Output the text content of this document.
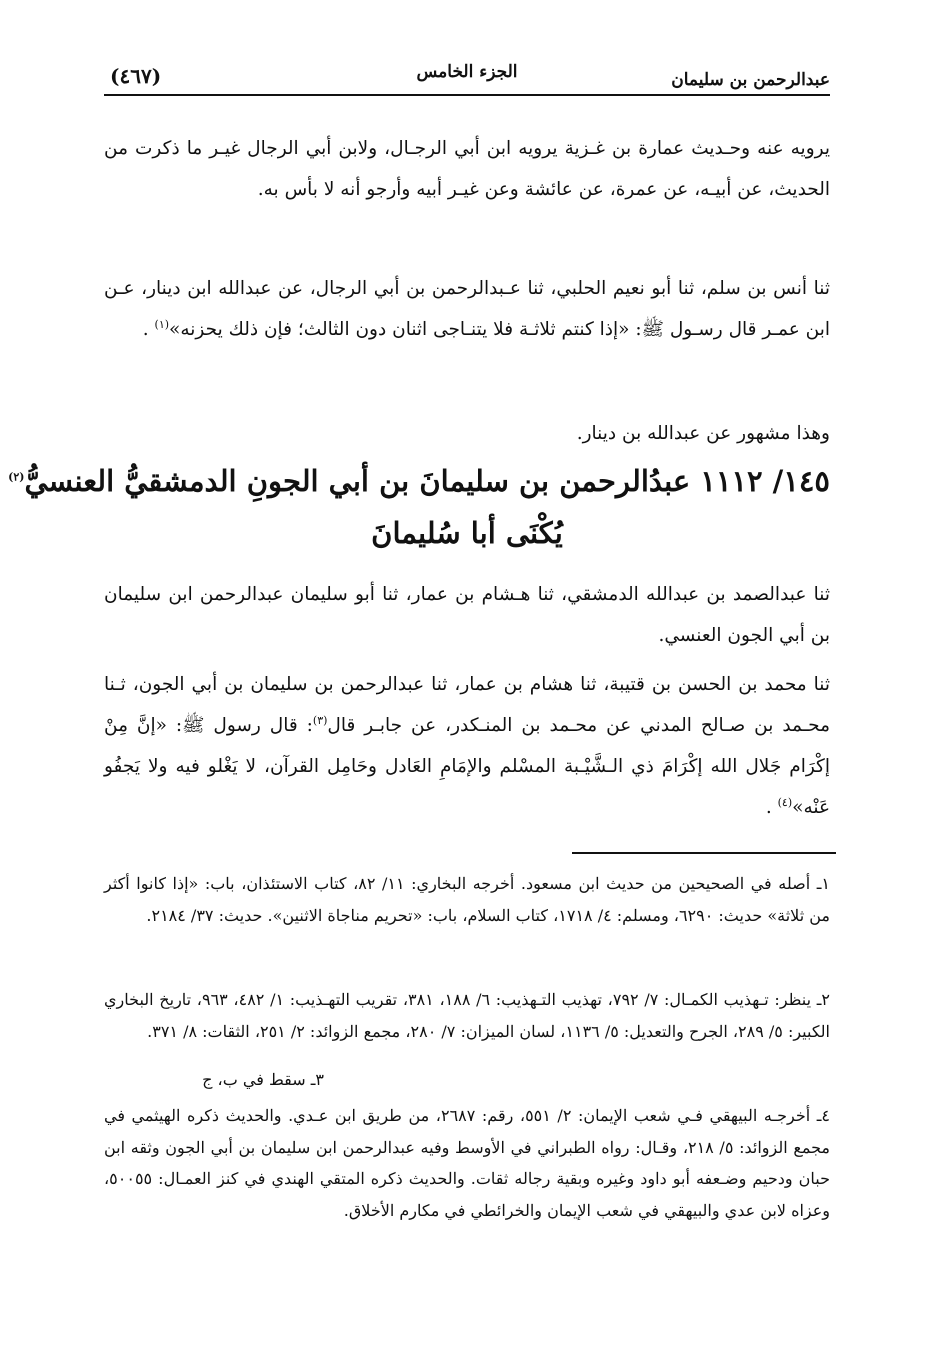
عبدالرحمن بن سليمان
الجزء الخامس
(٤٦٧)
يرويه عنه وحـديث عمارة بن غـزية يرويه ابن أبي الرجـال، ولابن أبي الرجال غيـر ما ذكرت من الحديث، عن أبيـه، عن عمرة، عن عائشة وعن غيـر أبيه وأرجو أنه لا بأس به.
ثنا أنس بن سلم، ثنا أبو نعيم الحلبي، ثنا عـبدالرحمن بن أبي الرجال، عن عبدالله ابن دينار، عـن ابن عمـر قال رسـول ﷺ: «إذا كنتم ثلاثـة فلا يتنـاجى اثنان دون الثالث؛ فإن ذلك يحزنه»$^{(١)}$ .
وهذا مشهور عن عبدالله بن دينار.
١٤٥/ ١١١٢ عبدُالرحمن بن سليمانَ بن أبي الجونِ الدمشقيُّ العنسيُّ$^{(٢)}$
يُكْنَى أبا سُليمانَ
ثنا عبدالصمد بن عبدالله الدمشقي، ثنا هـشام بن عمار، ثنا أبو سليمان عبدالرحمن ابن سليمان بن أبي الجون العنسي.
ثنا محمد بن الحسن بن قتيبة، ثنا هشام بن عمار، ثنا عبدالرحمن بن سليمان بن أبي الجون، ثـنا محـمد بن صـالح المدني عن محـمد بن المنـكدر، عن جابـر قال$^{(٣)}$: قال رسول ﷺ: «إنَّ مِنْ إكْرَام جَلال الله إكْرَامَ ذي الـشَّيْـبة المسْلم والإمَامِ العَادل وحَامِل القرآن، لا يَغْلو فيه ولا يَجفُو عَنْه»$^{(٤)}$ .
١ـ أصله في الصحيحين من حديث ابن مسعود. أخرجه البخاري: ١١/ ٨٢، كتاب الاستئذان، باب: «إذا كانوا أكثر من ثلاثة» حديث: ٦٢٩٠، ومسلم: ٤/ ١٧١٨، كتاب السلام، باب: «تحريم مناجاة الاثنين». حديث: ٣٧/ ٢١٨٤.
٢ـ ينظر: تـهذيب الكمـال: ٧/ ٧٩٢، تهذيب التـهذيب: ٦/ ١٨٨، ٣٨١، تقريب التهـذيب: ١/ ٤٨٢، ٩٦٣، تاريخ البخاري الكبير: ٥/ ٢٨٩، الجرح والتعديل: ٥/ ١١٣٦، لسان الميزان: ٧/ ٢٨٠، مجمع الزوائد: ٢/ ٢٥١، الثقات: ٨/ ٣٧١.
٣ـ سقط في ب، ج
٤ـ أخرجـه البيهقي فـي شعب الإيمان: ٢/ ٥٥١، رقم: ٢٦٨٧، من طريق ابن عـدي. والحديث ذكره الهيثمي في مجمع الزوائد: ٥/ ٢١٨، وقـال: رواه الطبراني في الأوسط وفيه عبدالرحمن ابن سليمان بن أبي الجون وثقه ابن حبان ودحيم وضـعفه أبو داود وغيره وبقية رجاله ثقات. والحديث ذكره المتقي الهندي في كنز العمـال: ٥٠٠٥٥، وعزاه لابن عدي والبيهقي في شعب الإيمان والخرائطي في مكارم الأخلاق.
